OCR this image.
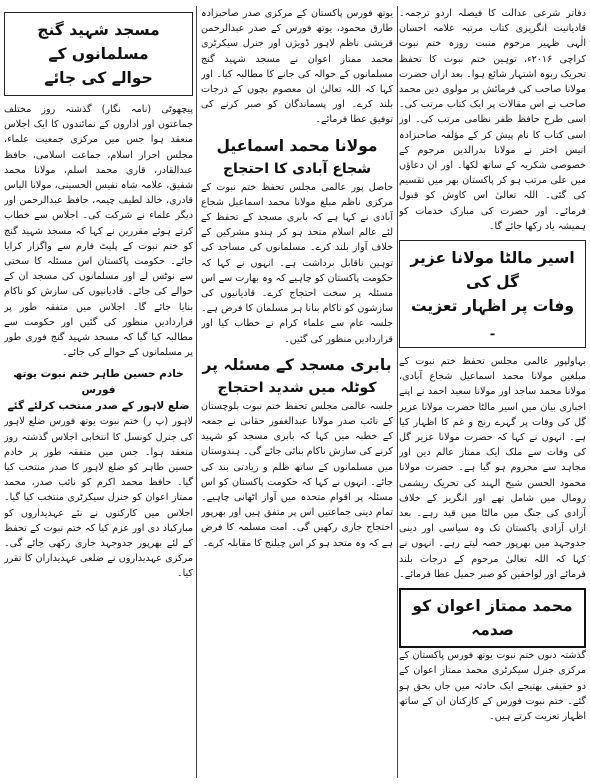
دفاتر شرعی عدالت کا فیصلہ اردو ترجمہ۔ قادیانیت انگریزی کتاب مرتبہ علامہ احسان الٰہی ظہیر مرحوم منبت روزہ ختم نبوت کراچی ۲۰۱۶ء، توہین ختم نبوت کا تحفظ تحریک ربوہ اشتہار شائع ہوا۔ بعد ازاں حضرت مولانا صاحب کی فرمائش پر مولوی دین محمد صاحب نے اس مقالات پر ایک کتاب مرتب کی۔ اسی طرح حافظ ظفر نظامی مرتب کی۔ اور اسی کتاب کا نام پیش کر کے مؤلفہ صاحبزادہ انیس اختر نے مولانا بدرالدین مرحوم کے خصوصی شکریہ کے ساتھ لکھا۔ اور ان دعاؤں میں علی مرتب ہو کر پاکستان بھر میں تقسیم کی گئی۔ اللہ تعالیٰ اس کاوش کو قبول فرمائے۔ اور حضرت کی مبارک خدمات کو ہمیشہ یاد رکھا جائے گا۔

اسیر مالٹا مولانا عزیر گل کی

وفات پر اظہار تعزیت ۔

بہاولپور عالمی مجلس تحفظ ختم نبوت کے مبلغین مولانا محمد اسماعیل شجاع آبادی، مولانا محمد ساجد اور مولانا سعید احمد نے اپنے اخباری بیان میں اسیر مالٹا حضرت مولانا عزیر گل کی وفات پر گہرے رنج و غم کا اظہار کیا ہے۔ انہوں نے کہا کہ حضرت مولانا عزیر گل کی وفات سے ملک ایک ممتاز عالم دین اور مجاہد سے محروم ہو گیا ہے۔ حضرت مولانا محمود الحسن شیخ الہند کی تحریک ریشمی رومال میں شامل تھے اور انگریز کے خلاف آزادی کی جنگ میں مالٹا میں قید رہے۔ بعد ازاں آزادی پاکستان تک وہ سیاسی اور دینی جدوجہد میں بھرپور حصہ لیتے رہے۔ انہوں نے کہا کہ اللہ تعالیٰ مرحوم کے درجات بلند فرمائے اور لواحقین کو صبر جمیل عطا فرمائے۔

محمد ممتاز اعوان کو صدمہ

گذشتہ دنوں ختم نبوت یوتھ فورس پاکستان کے مرکزی جنرل سیکرٹری محمد ممتاز اعوان کے دو حقیقی بھتیجے ایک حادثہ میں جاں بحق ہو گئے۔ ختم نبوت فورس کے کارکنان ان کے ساتھ اظہار تعزیت کرتے ہیں۔

یوتھ فورس پاکستان کے مرکزی صدر صاحبزادہ طارق محمود، یوتھ فورس کے صدر عبدالرحمن قریشی ناظم لاہور ڈویژن اور جنرل سیکرٹری محمد ممتاز اعوان نے مسجد شہید گنج مسلمانوں کے حوالہ کی جانے کا مطالبہ کیا۔ اور کہا کہ اللہ تعالیٰ ان معصوم بچوں کے درجات بلند کرے۔ اور پسماندگان کو صبر کرنے کی توفیق عطا فرمائے۔

مولانا محمد اسماعیل

شجاع آبادی کا احتجاج

حاصل پور عالمی مجلس تحفظ ختم نبوت کے مرکزی ناظم مبلغ مولانا محمد اسماعیل شجاع آبادی نے کہا ہے کہ بابری مسجد کے تحفظ کے لئے عالم اسلام متحد ہو کر ہندو مشرکین کے خلاف آواز بلند کرے۔ مسلمانوں کی مساجد کی توہین ناقابل برداشت ہے۔ انہوں نے کہا کہ حکومت پاکستان کو چاہیے کہ وہ بھارت سے اس مسئلہ پر سخت احتجاج کرے۔ قادیانیوں کی سازشوں کو ناکام بنانا ہر مسلمان کا فرض ہے۔ جلسہ عام سے علماء کرام نے خطاب کیا اور قراردادیں منظور کی گئیں۔

بابری مسجد کے مسئلہ پر

کوٹلہ میں شدید احتجاج

جلسہ عالمی مجلس تحفظ ختم نبوت بلوچستان کے نائب صدر مولانا عبدالغفور حقانی نے جمعہ کے خطبہ میں کہا کہ بابری مسجد کو شہید کرنے کی سازش ناکام بنائی جائے گی۔ ہندوستان میں مسلمانوں کے ساتھ ظلم و زیادتی بند کی جائے۔ انہوں نے کہا کہ حکومت پاکستان کو اس مسئلہ پر اقوام متحدہ میں آواز اٹھانی چاہیے۔ تمام دینی جماعتیں اس پر متفق ہیں اور بھرپور احتجاج جاری رکھیں گی۔ امت مسلمہ کا فرض ہے کہ وہ متحد ہو کر اس چیلنج کا مقابلہ کرے۔

مسجد شہید گنج مسلمانوں کے

حوالے کی جائے

پیچھوٹی (نامہ نگار) گذشتہ روز مختلف جماعتوں اور اداروں کے نمائندوں کا ایک اجلاس منعقد ہوا جس میں مرکزی جمعیت علماء، مجلس احرار اسلام، جماعت اسلامی، حافظ عبدالقادر، قاری محمد اسلم، مولانا محمد شفیق، علامہ شاہ نفیس الحسینی، مولانا الیاس قادری، خالد لطیف چیمہ، حافظ عبدالرحمن اور دیگر علماء نے شرکت کی۔ اجلاس سے خطاب کرتے ہوئے مقررین نے کہا کہ مسجد شہید گنج کو ختم نبوت کے پلیٹ فارم سے واگزار کرایا جائے۔ حکومت پاکستان اس مسئلہ کا سختی سے نوٹس لے اور مسلمانوں کی مسجد ان کے حوالے کی جائے۔ قادیانیوں کی سازش کو ناکام بنایا جائے گا۔ اجلاس میں متفقہ طور پر قراردادیں منظور کی گئیں اور حکومت سے مطالبہ کیا گیا کہ مسجد شہید گنج فوری طور پر مسلمانوں کے حوالے کی جائے۔

خادم حسین طاہر ختم نبوت یوتھ فورس

ضلع لاہور کے صدر منتخب کرلئے گئے

لاہور (پ ر) ختم نبوت یوتھ فورس ضلع لاہور کی جنرل کونسل کا انتخابی اجلاس گذشتہ روز منعقد ہوا۔ جس میں متفقہ طور پر خادم حسین طاہر کو ضلع لاہور کا صدر منتخب کیا گیا۔ حافظ محمد اکرم کو نائب صدر، محمد ممتاز اعوان کو جنرل سیکرٹری منتخب کیا گیا۔ اجلاس میں کارکنوں نے نئے عہدیداروں کو مبارکباد دی اور عزم کیا کہ ختم نبوت کے تحفظ کے لئے بھرپور جدوجہد جاری رکھی جائے گی۔ مرکزی عہدیداروں نے ضلعی عہدیداران کا تقرر کیا۔
